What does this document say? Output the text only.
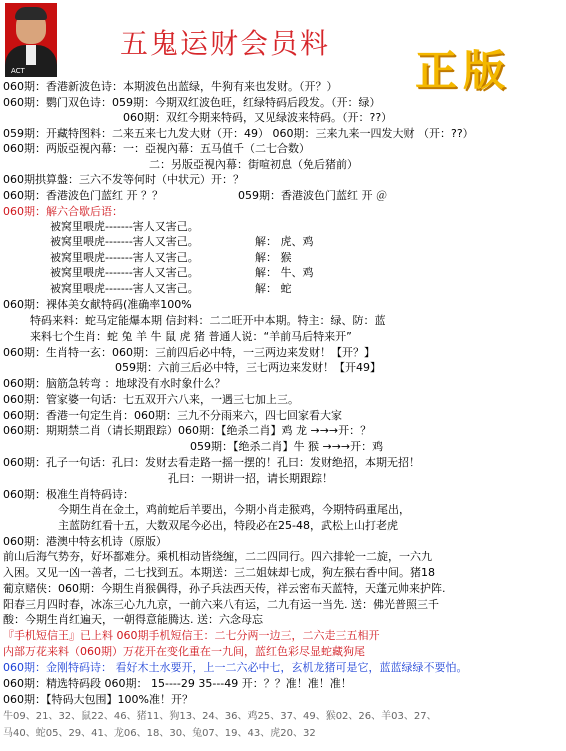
ACT
五鬼运财会员料
正版
060期：香港新波色诗：本期波色出蓝绿，牛狗有来也发财。（开？）
060期：鹦门双色诗：059期：今期双红波色旺，红绿特码后段发。（开：绿）
060期：双红今期来特码，又见绿波来特码。（开：??）
059期：开藏特图料：二来五来七九发大财（开：49） 060期：三来九来一四发大财 （开：??）
060期：两版亞視內幕：一：亞視內幕：五马值千（二七合数）
二：另版亞視內幕：街喧初息（免后猪前）
060期拱算盤：三六不发等何时（中状元）开：？
060期：香港波色门蓝红 开 ？？	059期：香港波色门蓝红 开 ＠
060期：解六合歇后语：
被窝里喂虎-------害人又害己。
被窝里喂虎-------害人又害己。
被窝里喂虎-------害人又害己。
被窝里喂虎-------害人又害己。
被窝里喂虎-------害人又害己。
解： 虎、鸡
解： 猴
解： 牛、鸡
解： 蛇
060期：裸体美女献特码(准确率100%
特码来料：蛇马定能爆本期 信封料：二二旺开中本期。特主：绿、防：蓝
来料七个生肖：蛇 兔 羊 牛 鼠 虎 猪 普通人说：“羊前马后特来开”
060期：生肖特一玄：060期：三前四后必中特，一三两边来发财！【开？】
059期：六前三后必中特，三七两边来发财！【开49】
060期：脑筋急转弯 ：地球没有水时象什么？
060期：管家婆一句话：七五双开六八来，一遇三七加上三。
060期：香港一句定生肖：060期：三九不分雨来六，四七回家看大家
060期：期期禁二肖（请长期跟踪）060期：【绝杀二肖】鸡 龙 →→→开：？
059期：【绝杀二肖】牛 猴 →→→开：鸡
060期：孔子一句话：孔曰：发财去看走路一摇一摆的！孔曰：发财绝招，本期无招！
孔曰：一期讲一招，请长期跟踪！
060期：极准生肖特码诗：
今期生肖在金土，鸡前蛇后羊要出，今期小肖走猴鸡，今期特码重尾出，
主蓝防红看十五，大数双尾今必出，特段必在25-48，武松上山打老虎
060期：港澳中特玄机诗（原版）
前山后海气势夯，好坏都难分。乘机相动皆绕缠，二二四同行。四六排轮一二旋，一六九
入困。又见一凶一善者，二七找到五。本期送：三二姐妹却七成，狗左猴右香中间。猪18
葡京赌侠：060期：今期生肖猴偶得，孙子兵法西天传，祥云密布天蓝特，天蓬元帅来护阵.
阳春三月四时春，冰冻三心九九京，一前六来八有运，二九有运一当先. 送：佛光普照三千
酸：今期生肖红遍天，一朝得意能腾达. 送：六念母忘
『手机短信王』已上料 060期手机短信王：二七分两一边三，二六走三五相开
内部万花来料（060期）万花开在变化重在一九间，蓝红色彩尽显蛇藏狗尾
060期：金刚特码诗： 看好木土水要开，上一二六必中七，玄机龙猪可是它，蓝蓝绿绿不要怕。
060期：精选特码段 060期： 15----29 35---49 开：？？准！准！准！
060期：【特码大包围】100%准！开？
牛09、21、32、鼠22、46、猪11、狗13、24、36、鸡25、37、49、猴02、26、羊03、27、
马40、蛇05、29、41、龙06、18、30、兔07、19、43、虎20、32
